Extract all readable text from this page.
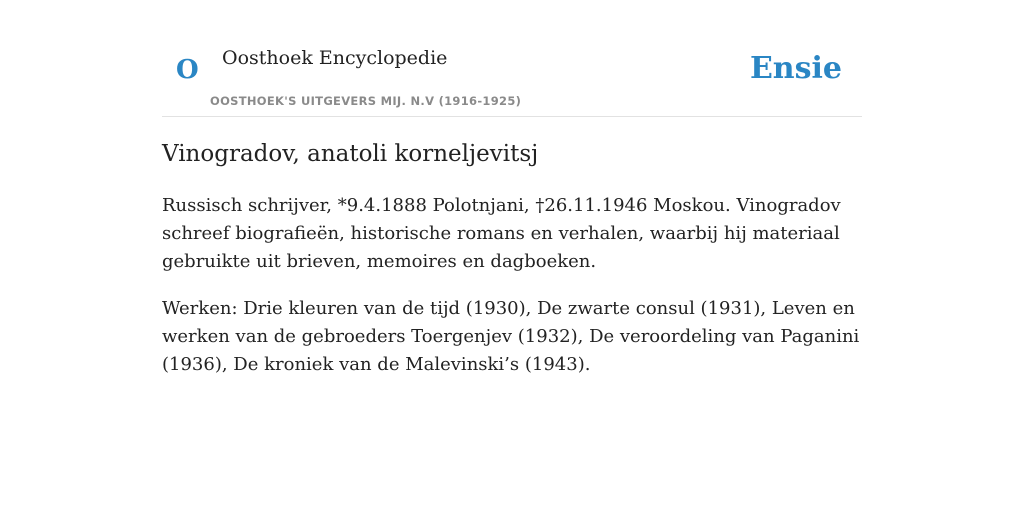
O Oosthoek Encyclopedie
OOSTHOEK'S UITGEVERS MIJ. N.V (1916-1925)
Ensie
Vinogradov, anatoli korneljevitsj

Russisch schrijver, *9.4.1888 Polotnjani, †26.11.1946 Moskou. Vinogradov schreef biografieën, historische romans en verhalen, waarbij hij materiaal gebruikte uit brieven, memoires en dagboeken.

Werken: Drie kleuren van de tijd (1930), De zwarte consul (1931), Leven en werken van de gebroeders Toergenjev (1932), De veroordeling van Paganini (1936), De kroniek van de Malevinski’s (1943).
